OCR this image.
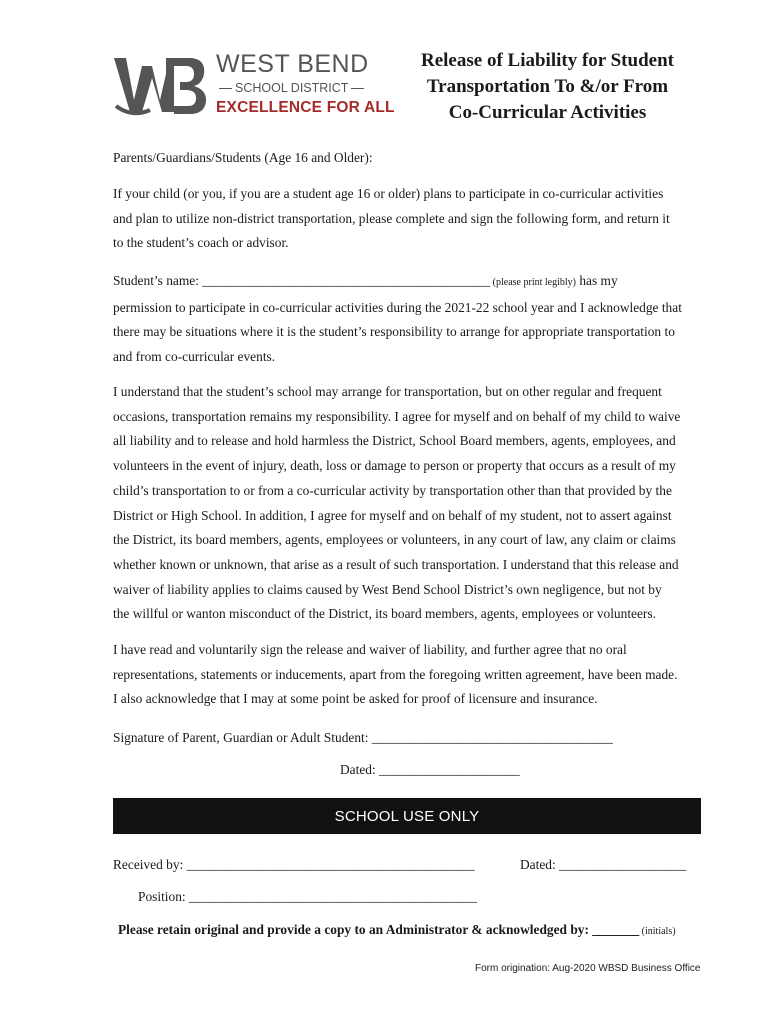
WEST BEND
SCHOOL DISTRICT
EXCELLENCE FOR ALL
Release of Liability for Student
Transportation To &/or From
Co-Curricular Activities
Parents/Guardians/Students (Age 16 and Older):
If your child (or you, if you are a student age 16 or older) plans to participate in co-curricular activities
and plan to utilize non-district transportation, please complete and sign the following form, and return it
to the student’s coach or advisor.
Student’s name: ___________________________________________ (please print legibly) has my
permission to participate in co-curricular activities during the 2021-22 school year and I acknowledge that
there may be situations where it is the student’s responsibility to arrange for appropriate transportation to
and from co-curricular events.
I understand that the student’s school may arrange for transportation, but on other regular and frequent
occasions, transportation remains my responsibility. I agree for myself and on behalf of my child to waive
all liability and to release and hold harmless the District, School Board members, agents, employees, and
volunteers in the event of injury, death, loss or damage to person or property that occurs as a result of my
child’s transportation to or from a co-curricular activity by transportation other than that provided by the
District or High School. In addition, I agree for myself and on behalf of my student, not to assert against
the District, its board members, agents, employees or volunteers, in any court of law, any claim or claims
whether known or unknown, that arise as a result of such transportation. I understand that this release and
waiver of liability applies to claims caused by West Bend School District’s own negligence, but not by
the willful or wanton misconduct of the District, its board members, agents, employees or volunteers.
I have read and voluntarily sign the release and waiver of liability, and further agree that no oral
representations, statements or inducements, apart from the foregoing written agreement, have been made.
I also acknowledge that I may at some point be asked for proof of licensure and insurance.
Signature of Parent, Guardian or Adult Student: ____________________________________
Dated: _____________________
SCHOOL USE ONLY
Received by: ___________________________________________	Dated: ___________________
Position: ___________________________________________
Please retain original and provide a copy to an Administrator & acknowledged by: _______ (initials)
Form origination: Aug-2020 WBSD Business Office
